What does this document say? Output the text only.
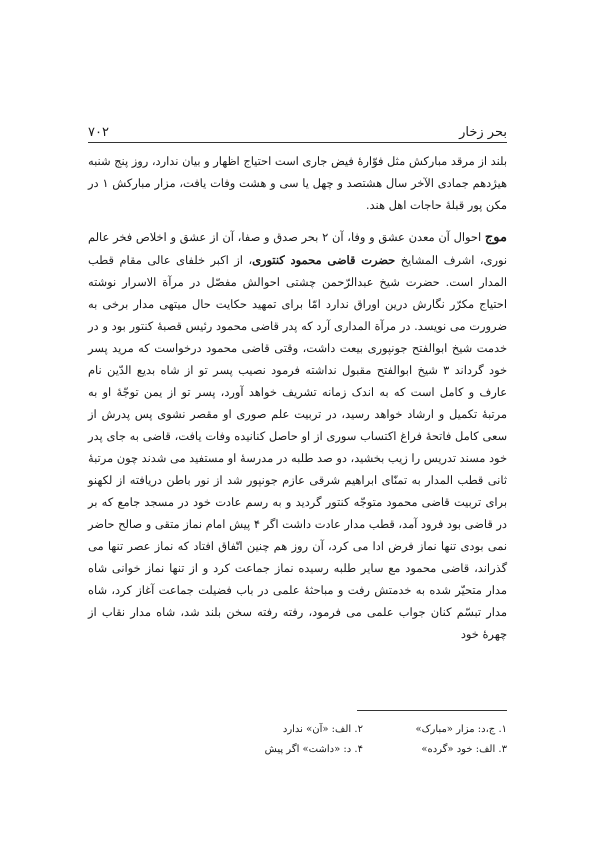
بحر زخار
۷۰۲

بلند از مرقد مبارکش مثل فوّارهٔ فیض جاری است احتیاج اظهار و بیان ندارد، روز پنج شنبه هیژدهم جمادی الآخر سال هشتصد و چهل یا سی و هشت وفات یافت، مزار مبارکش ۱ در مکن پور قبلهٔ حاجات اهل هند.

موج احوال آن معدن عشق و وفا، آن ۲ بحر صدق و صفا، آن از عشق و اخلاص فخر عالم نوری، اشرف المشایخ حضرت قاضی محمود کنتوری، از اکبر خلفای عالی مقام قطب المدار است. حضرت شیخ عبدالرّحمن چشتی احوالش مفصّل در مرآة الاسرار نوشته احتیاج مکرّر نگارش درین اوراق ندارد امّا برای تمهید حکایت حال میتهی مدار برخی به ضرورت می نویسد. در مرآة المداری آرد که پدر قاضی محمود رئیس قصبهٔ کنتور بود و در خدمت شیخ ابوالفتح جونپوری بیعت داشت، وقتی قاضی محمود درخواست که مرید پسر خود گرداند ۳ شیخ ابوالفتح مقبول نداشته فرمود نصیب پسر تو از شاه بدیع الدّین نام عارف و کامل است که به اندک زمانه تشریف خواهد آورد، پسر تو از یمن توجّهٔ او به مرتبهٔ تکمیل و ارشاد خواهد رسید، در تربیت علم صوری او مقصر نشوی پس پدرش از سعی کامل فاتحهٔ فراغ اکتساب سوری از او حاصل کنانیده وفات یافت، قاضی به جای پدر خود مسند تدریس را زیب بخشید، دو صد طلبه در مدرسهٔ او مستفید می شدند چون مرتبهٔ ثانی قطب المدار به تمنّای ابراهیم شرقی عازم جونپور شد از نور باطن دریافته از لکهنو برای تربیت قاضی محمود متوجّه کنتور گردید و به رسم عادت خود در مسجد جامع که بر در قاضی بود فرود آمد، قطب مدار عادت داشت اگر ۴ پیش امام نماز متقی و صالح حاضر نمی بودی تنها نماز فرض ادا می کرد، آن روز هم چنین اتّفاق افتاد که نماز عصر تنها می گذراند، قاضی محمود مع سایر طلبه رسیده نماز جماعت کرد و از تنها نماز خوانی شاه مدار متحیّر شده به خدمتش رفت و مباحثهٔ علمی در باب فضیلت جماعت آغاز کرد، شاه مدار تبسّم کنان جواب علمی می فرمود، رفته رفته سخن بلند شد، شاه مدار نقاب از چهرهٔ خود

۱. ج،د: مزار «مبارک»
۲. الف: «آن» ندارد
۳. الف: خود «گرده»
۴. د: «داشت» اگر پیش
